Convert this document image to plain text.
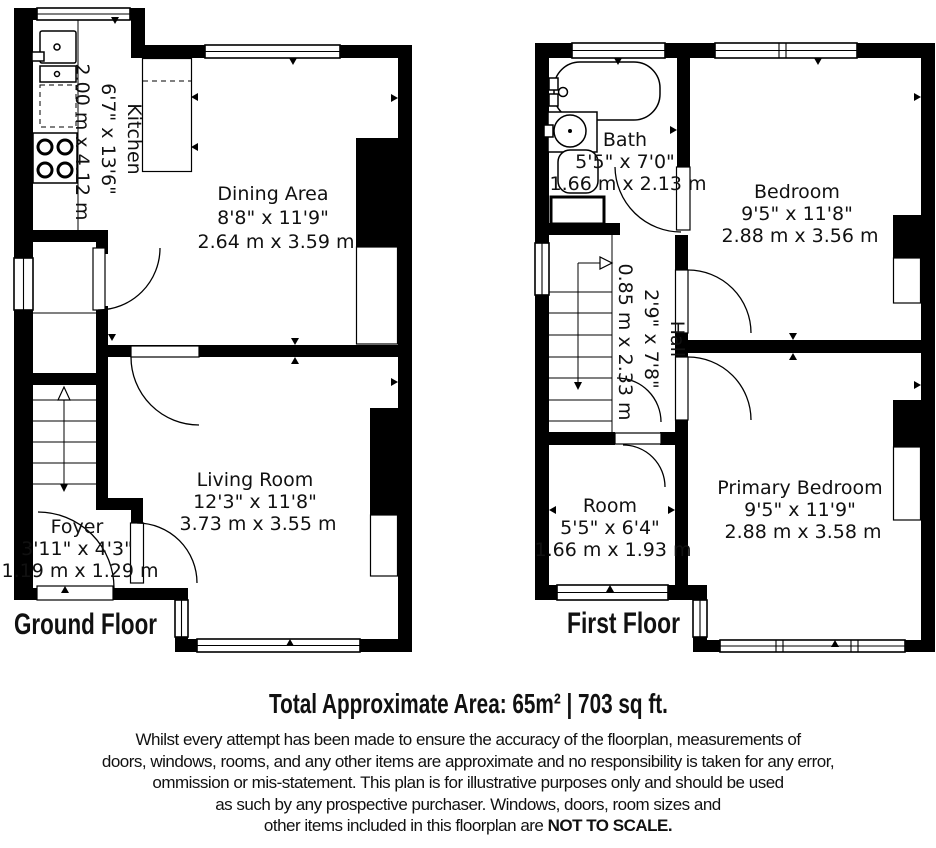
Kitchen 6'7" x 13'6" 2.00 m x 4.12 m	Dining Area 8'8" x 11'9" 2.64 m x 3.59 m
Living Room 12'3" x 11'8" 3.73 m x 3.55 m
Foyer 3'11" x 4'3" 1.19 m x 1.29 m
Ground Floor
Bath 5'5" x 7'0" 1.66 m x 2.13 m	Bedroom 9'5" x 11'8" 2.88 m x 3.56 m
Hall 2'9" x 7'8" 0.85 m x 2.33 m
Room 5'5" x 6'4" 1.66 m x 1.93 m
Primary Bedroom 9'5" x 11'9" 2.88 m x 3.58 m
First Floor
Total Approximate Area: 65m² | 703 sq ft.
Whilst every attempt has been made to ensure the accuracy of the floorplan, measurements of
doors, windows, rooms, and any other items are approximate and no responsibility is taken for any error,
ommission or mis-statement. This plan is for illustrative purposes only and should be used
as such by any prospective purchaser. Windows, doors, room sizes and
other items included in this floorplan are NOT TO SCALE.
